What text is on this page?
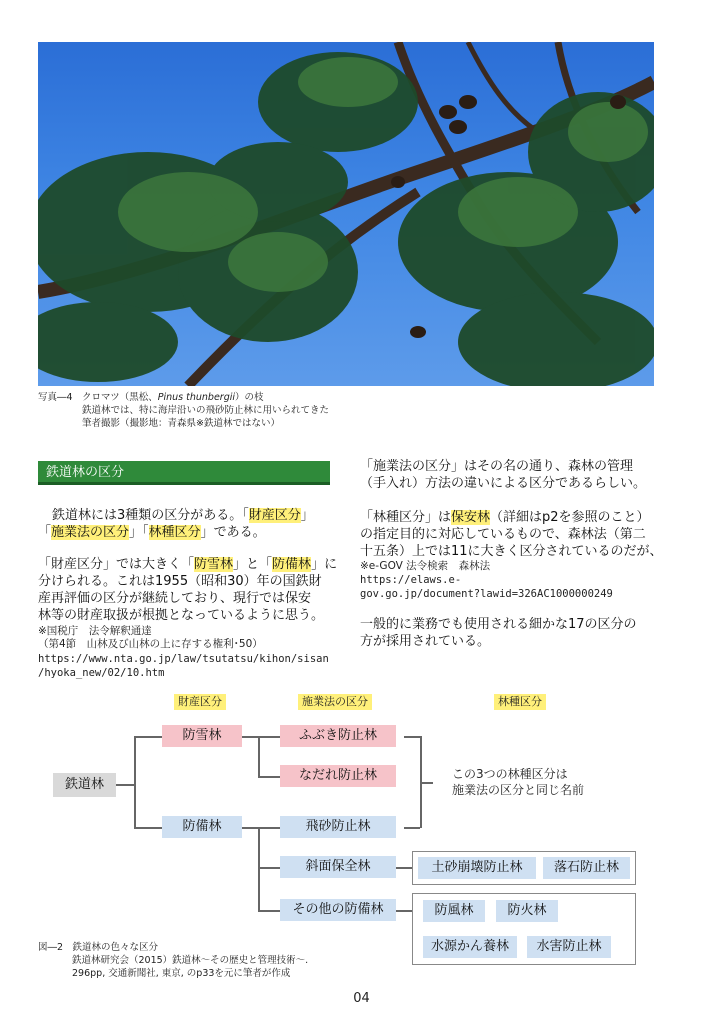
写真―4　クロマツ（黒松、Pinus thunbergii）の枝
鉄道林では、特に海岸沿いの飛砂防止林に用いられてきた
筆者撮影（撮影地：青森県※鉄道林ではない）
鉄道林の区分
鉄道林には3種類の区分がある。「財産区分」
「施業法の区分」「林種区分」である。
「財産区分」では大きく「防雪林」と「防備林」に
分けられる。これは1955（昭和30）年の国鉄財
産再評価の区分が継続しており、現行では保安
林等の財産取扱が根拠となっているように思う。
※国税庁　法令解釈通達
（第4節　山林及び山林の上に存する権利･50）
https://www.nta.go.jp/law/tsutatsu/kihon/sisan
/hyoka_new/02/10.htm
「施業法の区分」はその名の通り、森林の管理
（手入れ）方法の違いによる区分であるらしい。
「林種区分」は保安林（詳細はp2を参照のこと）
の指定目的に対応しているもので、森林法（第二
十五条）上では11に大きく区分されているのだが、
※e-GOV 法令検索　森林法
https://elaws.e-
gov.go.jp/document?lawid=326AC1000000249
一般的に業務でも使用される細かな17の区分の
方が採用されている。
財産区分	施業法の区分	林種区分
鉄道林
防雪林
防備林
ふぶき防止林
なだれ防止林
飛砂防止林
斜面保全林
その他の防備林
この3つの林種区分は
施業法の区分と同じ名前
土砂崩壊防止林	落石防止林
防風林	防火林
水源かん養林	水害防止林
図―2　鉄道林の色々な区分
鉄道林研究会（2015）鉄道林～その歴史と管理技術～.
296pp, 交通新聞社, 東京, のp33を元に筆者が作成
04
